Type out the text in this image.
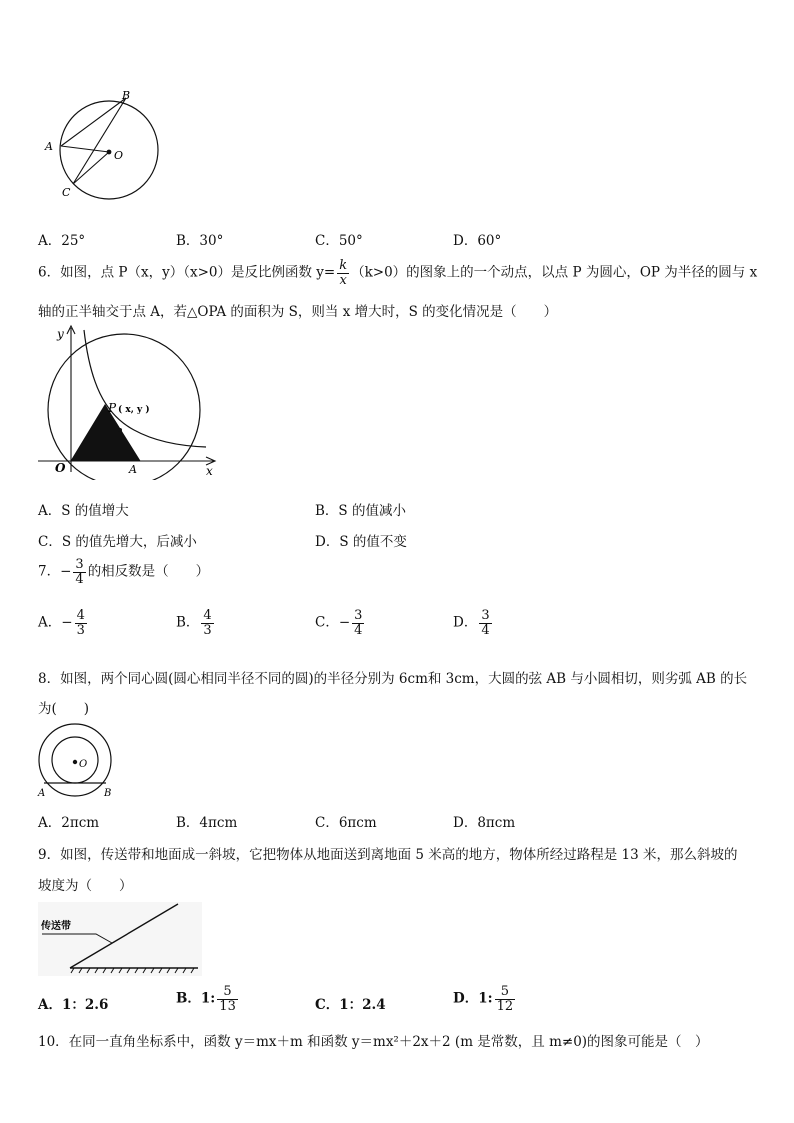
B
A
O
C
A．25°	B．30°	C．50°	D．60°
6．如图，点 P（x，y）（x>0）是反比例函数 $y= \frac{k}{x} (k>0)$的图象上的一个动点，以点 P 为圆心，OP 为半径的圆与 x
轴的正半轴交于点 A，若△OPA 的面积为 S，则当 x 增大时，S 的变化情况是（　　）
y
P ( x, y )
O	A	x
A．S 的值增大	B．S 的值减小
C．S 的值先增大，后减小	D．S 的值不变
7．− $\frac{3}{4}$ 的相反数是（　　）
A．− $\frac{4}{3}$	B． $\frac{4}{3}$	C．− $\frac{3}{4}$	D． $\frac{3}{4}$
8．如图，两个同心圆(圆心相同半径不同的圆)的半径分别为 6cm和 3cm，大圆的弦 AB 与小圆相切，则劣弧 AB 的长
为(　　)
O
A	B
A．2πcm	B．4πcm	C．6πcm	D．8πcm
9．如图，传送带和地面成一斜坡，它把物体从地面送到离地面 5 米高的地方，物体所经过路程是 13 米，那么斜坡的
坡度为（　　）
传送带
A．1：2.6	B．1: $\frac{5}{13}$	C．1：2.4	D．1: $\frac{5}{12}$
10．在同一直角坐标系中，函数 y＝mx＋m 和函数 y＝mx²＋2x＋2 (m 是常数，且 m≠0)的图象可能是（　）
